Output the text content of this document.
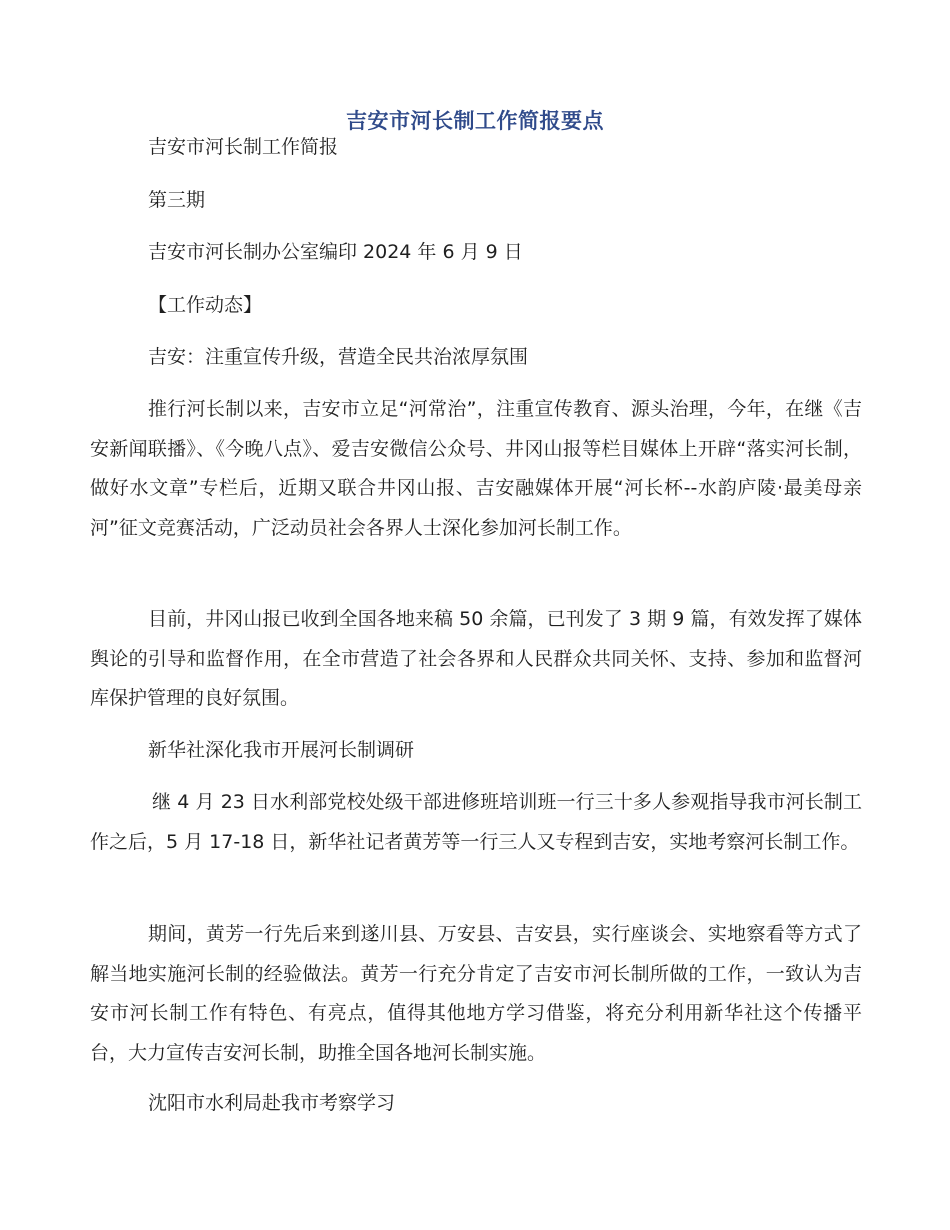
吉安市河长制工作简报要点
吉安市河长制工作简报
第三期
吉安市河长制办公室编印 2024 年 6 月 9 日
【工作动态】
吉安：注重宣传升级，营造全民共治浓厚氛围
推行河长制以来，吉安市立足“河常治”，注重宣传教育、源头治理，今年，在继《吉安新闻联播》、《今晚八点》、爱吉安微信公众号、井冈山报等栏目媒体上开辟“落实河长制，做好水文章”专栏后，近期又联合井冈山报、吉安融媒体开展“河长杯--水韵庐陵·最美母亲河”征文竞赛活动，广泛动员社会各界人士深化参加河长制工作。
目前，井冈山报已收到全国各地来稿 50 余篇，已刊发了 3 期 9 篇，有效发挥了媒体舆论的引导和监督作用，在全市营造了社会各界和人民群众共同关怀、支持、参加和监督河库保护管理的良好氛围。
新华社深化我市开展河长制调研
继 4 月 23 日水利部党校处级干部进修班培训班一行三十多人参观指导我市河长制工作之后，5 月 17-18 日，新华社记者黄芳等一行三人又专程到吉安，实地考察河长制工作。
期间，黄芳一行先后来到遂川县、万安县、吉安县，实行座谈会、实地察看等方式了解当地实施河长制的经验做法。黄芳一行充分肯定了吉安市河长制所做的工作，一致认为吉安市河长制工作有特色、有亮点，值得其他地方学习借鉴，将充分利用新华社这个传播平台，大力宣传吉安河长制，助推全国各地河长制实施。
沈阳市水利局赴我市考察学习
